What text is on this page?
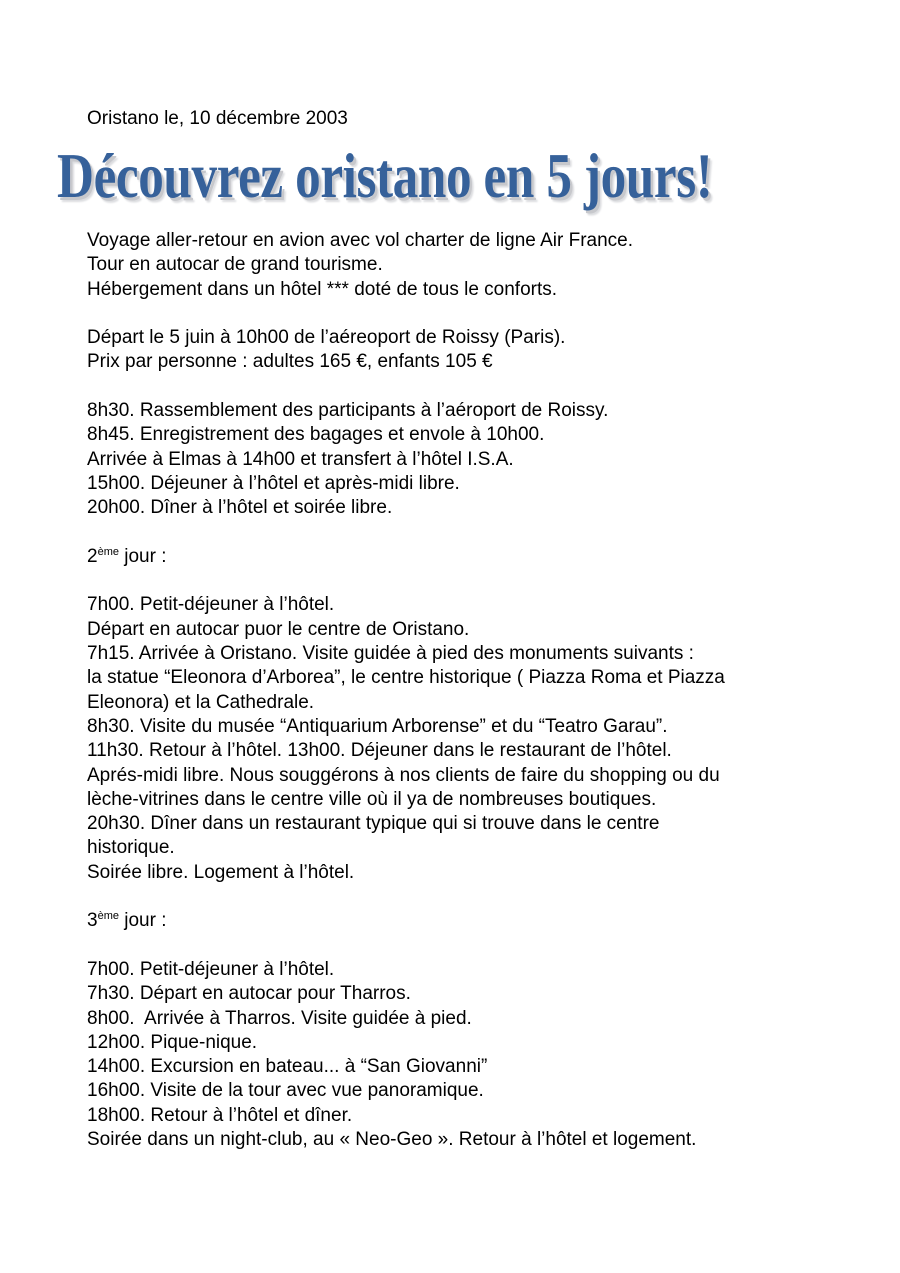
Oristano le, 10 décembre 2003
Découvrez oristano en 5 jours!
Voyage aller-retour en avion avec vol charter de ligne Air France.
Tour en autocar de grand tourisme.
Hébergement dans un hôtel *** doté de tous le conforts.
Départ le 5 juin à 10h00 de l’aéreoport de Roissy (Paris).
Prix par personne : adultes 165 €, enfants 105 €
8h30. Rassemblement des participants à l’aéroport de Roissy.
8h45. Enregistrement des bagages et envole à 10h00.
Arrivée à Elmas à 14h00 et transfert à l’hôtel I.S.A.
15h00. Déjeuner à l’hôtel et après-midi libre.
20h00. Dîner à l’hôtel et soirée libre.
2ème jour :
7h00. Petit-déjeuner à l’hôtel.
Départ en autocar puor le centre de Oristano.
7h15. Arrivée à Oristano. Visite guidée à pied des monuments suivants :
la statue “Eleonora d’Arborea”, le centre historique ( Piazza Roma et Piazza
Eleonora) et la Cathedrale.
8h30. Visite du musée “Antiquarium Arborense” et du “Teatro Garau”.
11h30. Retour à l’hôtel. 13h00. Déjeuner dans le restaurant de l’hôtel.
Aprés-midi libre. Nous souggérons à nos clients de faire du shopping ou du
lèche-vitrines dans le centre ville où il ya de nombreuses boutiques.
20h30. Dîner dans un restaurant typique qui si trouve dans le centre
historique.
Soirée libre. Logement à l’hôtel.
3ème jour :
7h00. Petit-déjeuner à l’hôtel.
7h30. Départ en autocar pour Tharros.
8h00.  Arrivée à Tharros. Visite guidée à pied.
12h00. Pique-nique.
14h00. Excursion en bateau... à “San Giovanni”
16h00. Visite de la tour avec vue panoramique.
18h00. Retour à l’hôtel et dîner.
Soirée dans un night-club, au « Neo-Geo ». Retour à l’hôtel et logement.
